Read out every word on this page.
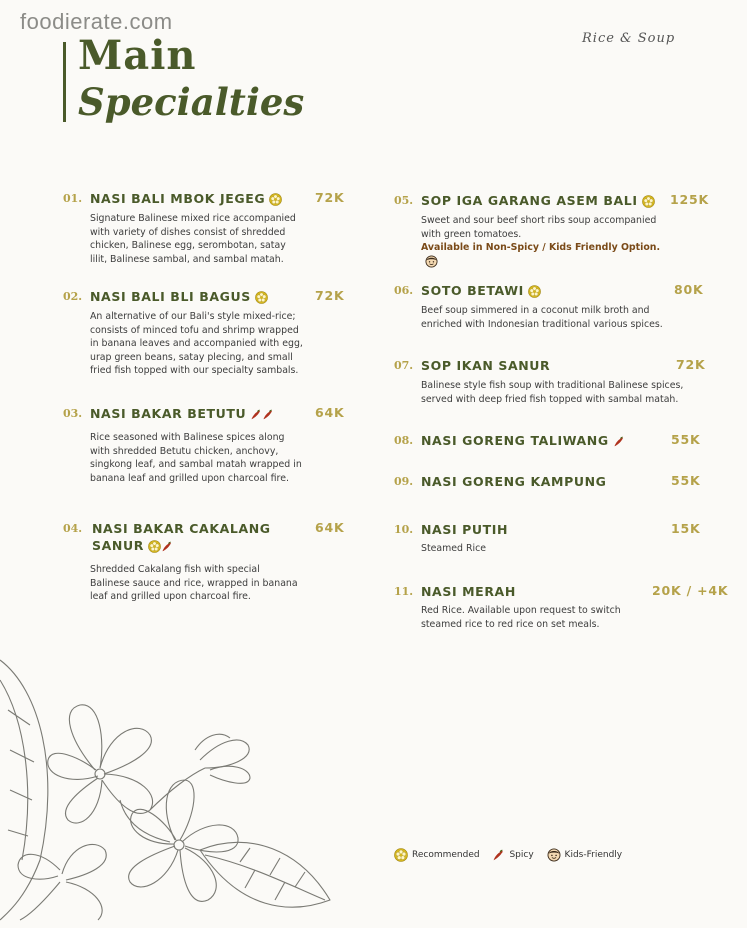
foodierate.com
Main
Specialties
Rice & Soup
01. NASI BALI MBOK JEGEG	72K
Signature Balinese mixed rice accompanied with variety of dishes consist of shredded chicken, Balinese egg, serombotan, satay lilit, Balinese sambal, and sambal matah.
02. NASI BALI BLI BAGUS	72K
An alternative of our Bali's style mixed-rice; consists of minced tofu and shrimp wrapped in banana leaves and accompanied with egg, urap green beans, satay plecing, and small fried fish topped with our specialty sambals.
03. NASI BAKAR BETUTU	64K
Rice seasoned with Balinese spices along with shredded Betutu chicken, anchovy, singkong leaf, and sambal matah wrapped in banana leaf and grilled upon charcoal fire.
04. NASI BAKAR CAKALANG
SANUR
64K
Shredded Cakalang fish with special Balinese sauce and rice, wrapped in banana leaf and grilled upon charcoal fire.
05. SOP IGA GARANG ASEM BALI	125K
Sweet and sour beef short ribs soup accompanied with green tomatoes.
Available in Non-Spicy / Kids Friendly Option.
06. SOTO BETAWI	80K
Beef soup simmered in a coconut milk broth and enriched with Indonesian traditional various spices.
07. SOP IKAN SANUR	72K
Balinese style fish soup with traditional Balinese spices, served with deep fried fish topped with sambal matah.
08. NASI GORENG TALIWANG	55K
09. NASI GORENG KAMPUNG	55K
10. NASI PUTIH	15K
Steamed Rice
11. NASI MERAH	20K / +4K
Red Rice. Available upon request to switch steamed rice to red rice on set meals.
Recommended
	Spicy
	Kids-Friendly
